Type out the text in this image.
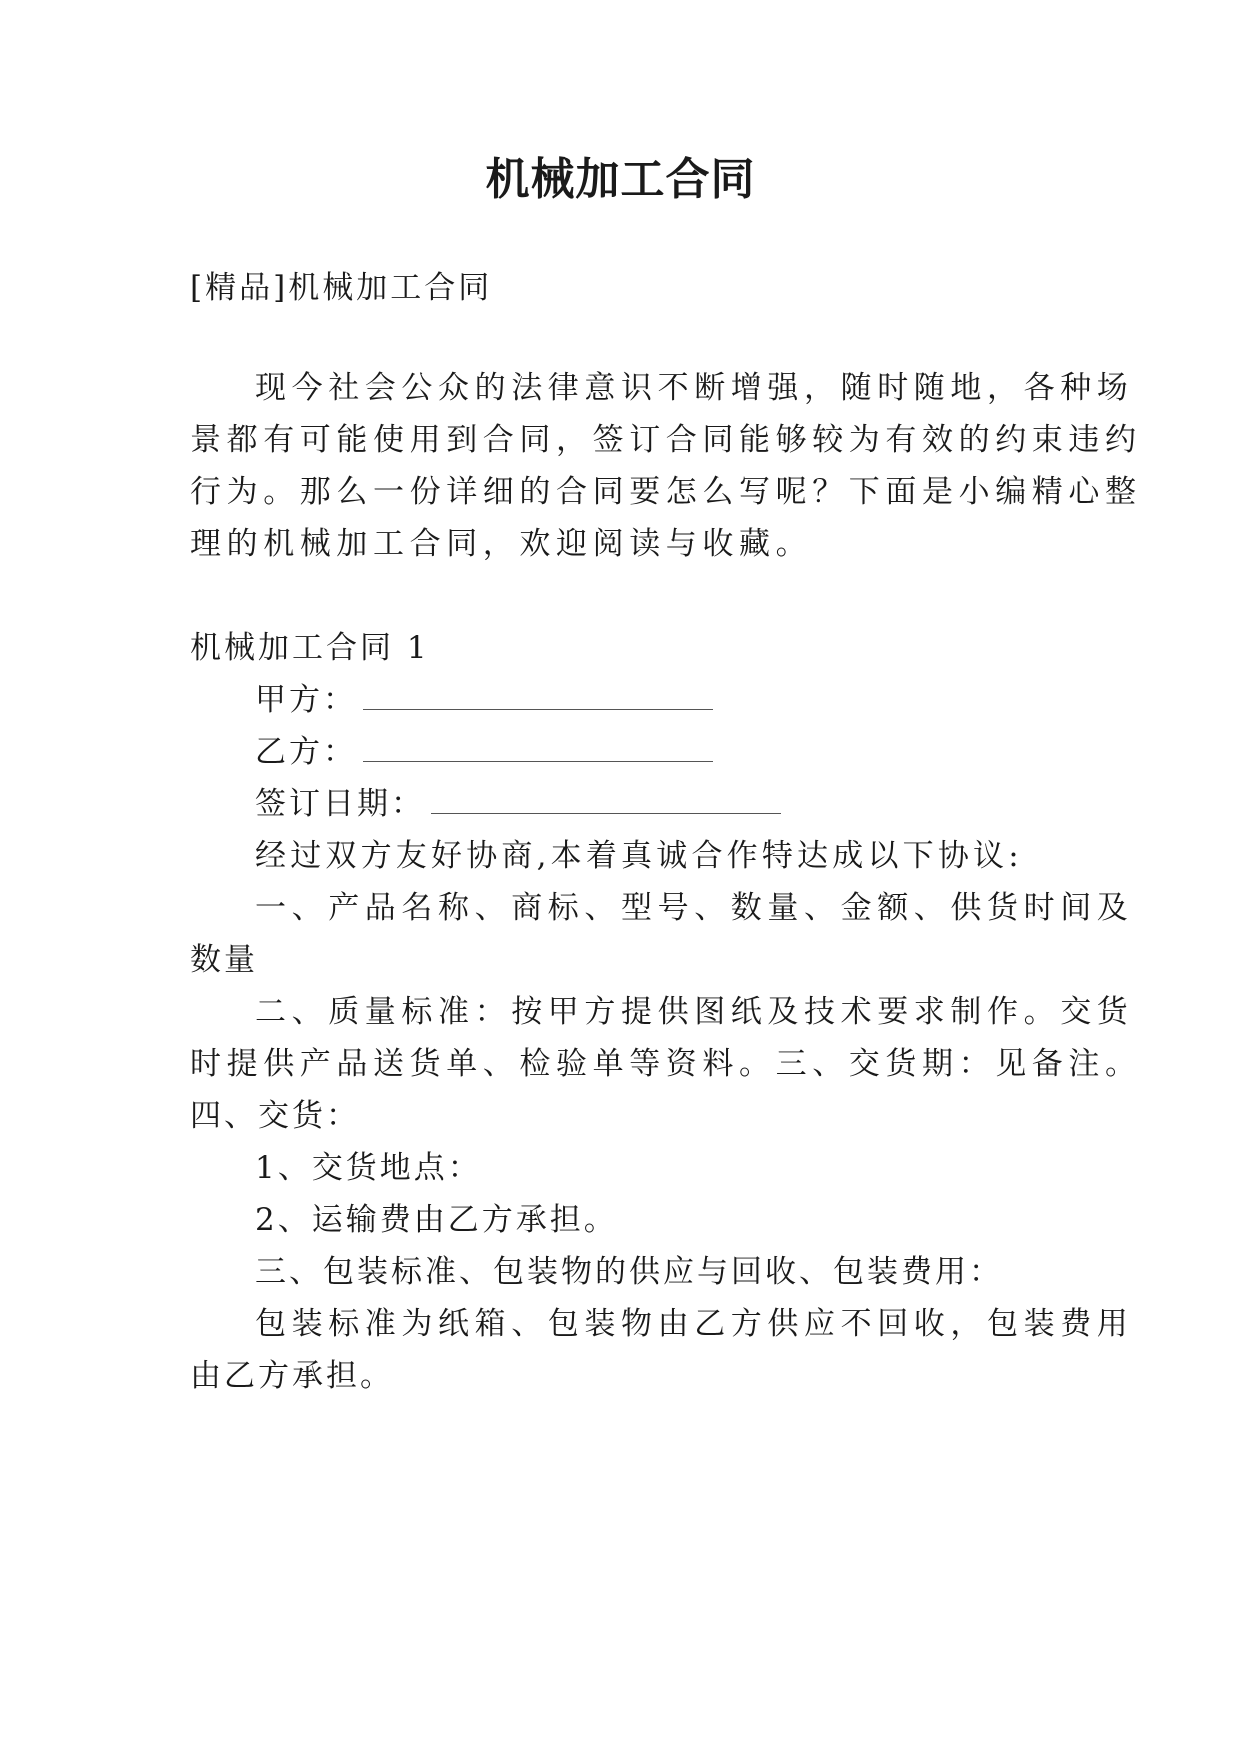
机械加工合同
[精品]机械加工合同
现今社会公众的法律意识不断增强，随时随地，各种场
景都有可能使用到合同，签订合同能够较为有效的约束违约
行为。那么一份详细的合同要怎么写呢？下面是小编精心整
理的机械加工合同，欢迎阅读与收藏。
机械加工合同 1
甲方：
乙方：
签订日期：
经过双方友好协商,本着真诚合作特达成以下协议:
一、产品名称、商标、型号、数量、金额、供货时间及
数量
二、质量标准：按甲方提供图纸及技术要求制作。交货
时提供产品送货单、检验单等资料。三、交货期：见备注。
四、交货：
1、交货地点：
2、运输费由乙方承担。
三、包装标准、包装物的供应与回收、包装费用：
包装标准为纸箱、包装物由乙方供应不回收，包装费用
由乙方承担。
